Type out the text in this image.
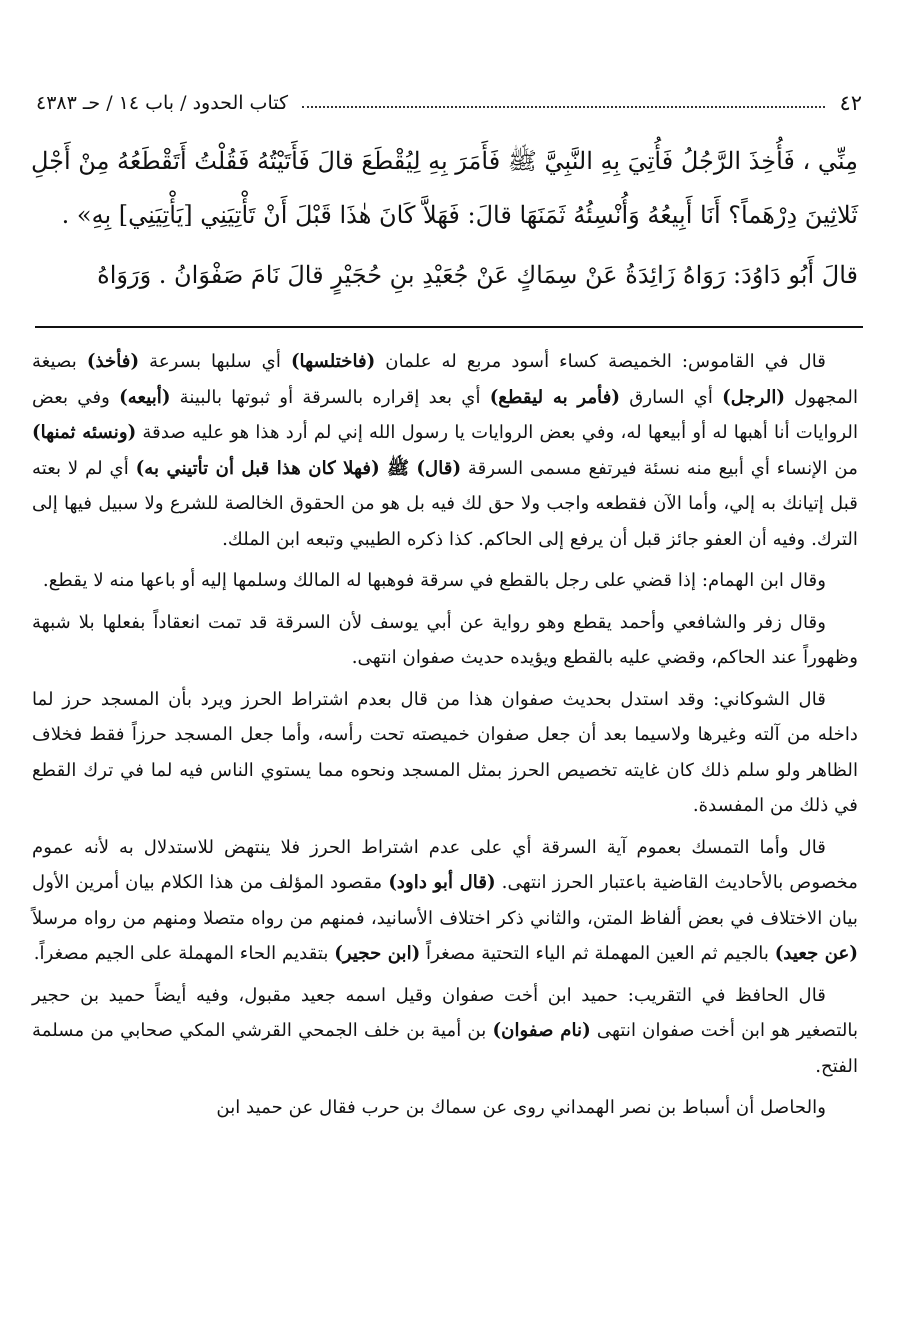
٤٢
كتاب الحدود / باب ١٤ / حـ ٤٣٨٣

مِنِّي ، فَأُخِذَ الرَّجُلُ فَأُتِيَ بِهِ النَّبِيَّ ﷺ فَأَمَرَ بِهِ لِيُقْطَعَ قالَ فَأَتَيْتُهُ فَقُلْتُ أَتَقْطَعُهُ مِنْ أَجْلِ

ثَلاثِينَ دِرْهَماً؟ أَنَا أَبِيعُهُ وَأُنْسِئُهُ ثَمَنَهَا قالَ: فَهَلاَّ كَانَ هٰذَا قَبْلَ أَنْ تَأْتِيَنِي [يَأْتِيَنِي] بِهِ» .

قالَ أَبُو دَاوُدَ: رَوَاهُ زَائِدَةُ عَنْ سِمَاكٍ عَنْ جُعَيْدِ بنِ حُجَيْرٍ قالَ نَامَ صَفْوَانُ . وَرَوَاهُ

قال في القاموس: الخميصة كساء أسود مربع له علمان (فاختلسها) أي سلبها بسرعة (فأخذ) بصيغة المجهول (الرجل) أي السارق (فأمر به ليقطع) أي بعد إقراره بالسرقة أو ثبوتها بالبينة (أبيعه) وفي بعض الروايات أنا أهبها له أو أبيعها له، وفي بعض الروايات يا رسول الله إني لم أرد هذا هو عليه صدقة (ونسئه ثمنها) من الإنساء أي أبيع منه نسئة فيرتفع مسمى السرقة (قال) ﷺ (فهلا كان هذا قبل أن تأتيني به) أي لم لا بعته قبل إتيانك به إلي، وأما الآن فقطعه واجب ولا حق لك فيه بل هو من الحقوق الخالصة للشرع ولا سبيل فيها إلى الترك. وفيه أن العفو جائز قبل أن يرفع إلى الحاكم. كذا ذكره الطيبي وتبعه ابن الملك.

وقال ابن الهمام: إذا قضي على رجل بالقطع في سرقة فوهبها له المالك وسلمها إليه أو باعها منه لا يقطع.

وقال زفر والشافعي وأحمد يقطع وهو رواية عن أبي يوسف لأن السرقة قد تمت انعقاداً بفعلها بلا شبهة وظهوراً عند الحاكم، وقضي عليه بالقطع ويؤيده حديث صفوان انتهى.

قال الشوكاني: وقد استدل بحديث صفوان هذا من قال بعدم اشتراط الحرز ويرد بأن المسجد حرز لما داخله من آلته وغيرها ولاسيما بعد أن جعل صفوان خميصته تحت رأسه، وأما جعل المسجد حرزاً فقط فخلاف الظاهر ولو سلم ذلك كان غايته تخصيص الحرز بمثل المسجد ونحوه مما يستوي الناس فيه لما في ترك القطع في ذلك من المفسدة.

قال وأما التمسك بعموم آية السرقة أي على عدم اشتراط الحرز فلا ينتهض للاستدلال به لأنه عموم مخصوص بالأحاديث القاضية باعتبار الحرز انتهى. (قال أبو داود) مقصود المؤلف من هذا الكلام بيان أمرين الأول بيان الاختلاف في بعض ألفاظ المتن، والثاني ذكر اختلاف الأسانيد، فمنهم من رواه متصلا ومنهم من رواه مرسلاً (عن جعيد) بالجيم ثم العين المهملة ثم الياء التحتية مصغراً (ابن حجير) بتقديم الحاء المهملة على الجيم مصغراً.

قال الحافظ في التقريب: حميد ابن أخت صفوان وقيل اسمه جعيد مقبول، وفيه أيضاً حميد بن حجير بالتصغير هو ابن أخت صفوان انتهى (نام صفوان) بن أمية بن خلف الجمحي القرشي المكي صحابي من مسلمة الفتح.

والحاصل أن أسباط بن نصر الهمداني روى عن سماك بن حرب فقال عن حميد ابن
